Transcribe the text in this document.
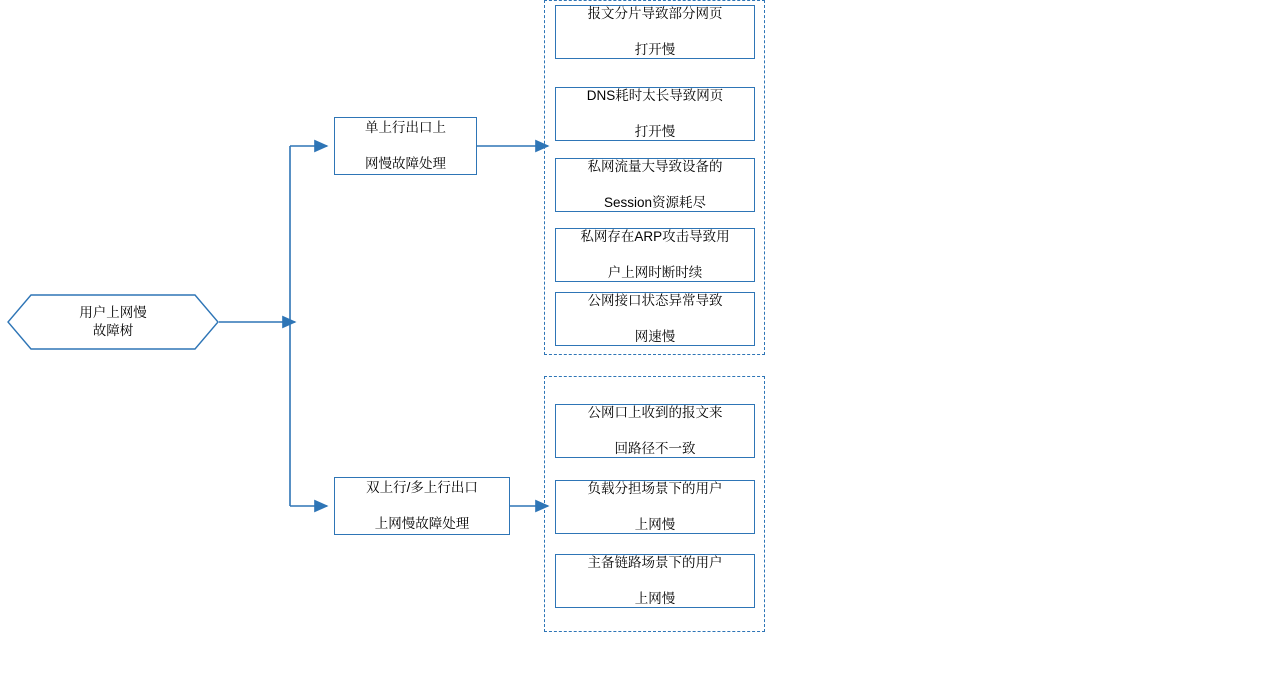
用户上网慢
故障树
单上行出口上

网慢故障处理
双上行/多上行出口

上网慢故障处理
报文分片导致部分网页

打开慢
DNS耗时太长导致网页

打开慢
私网流量大导致设备的

Session资源耗尽
私网存在ARP攻击导致用

户上网时断时续
公网接口状态异常导致

网速慢
公网口上收到的报文来

回路径不一致
负载分担场景下的用户

上网慢
主备链路场景下的用户

上网慢
